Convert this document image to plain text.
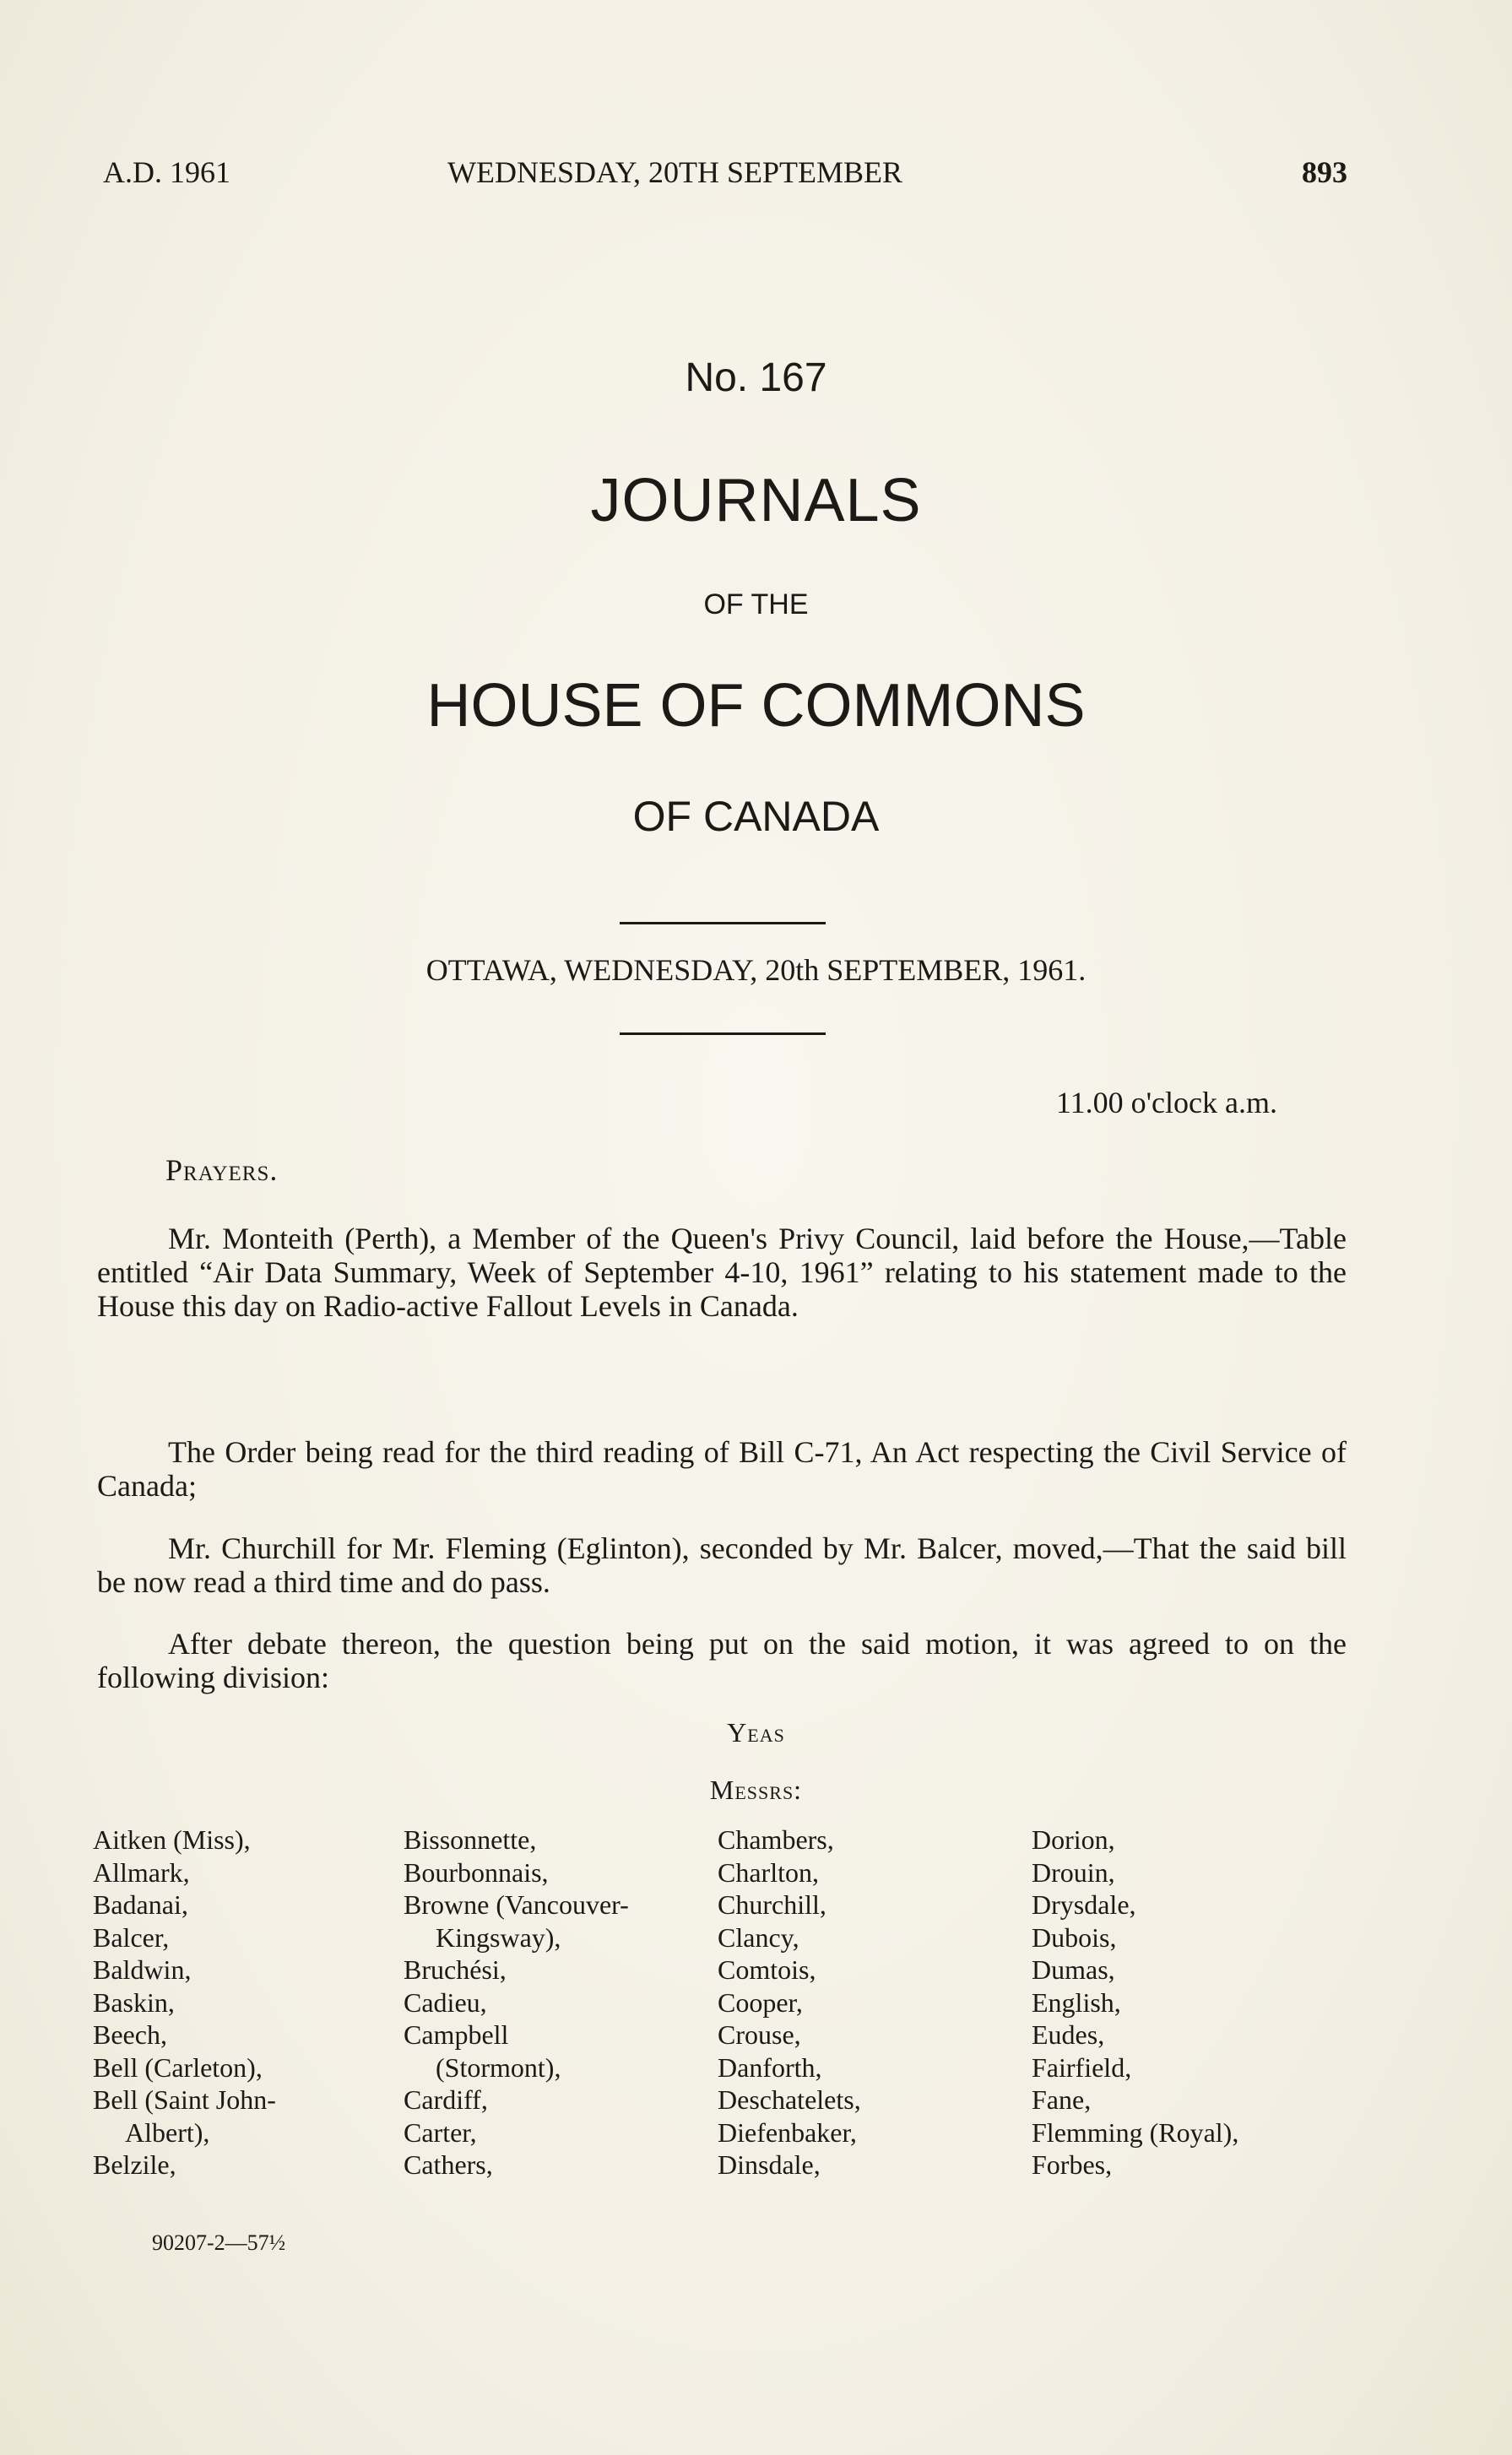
A.D. 1961	WEDNESDAY, 20TH SEPTEMBER	893
No. 167
JOURNALS
OF THE
HOUSE OF COMMONS
OF CANADA
OTTAWA, WEDNESDAY, 20th SEPTEMBER, 1961.
11.00 o'clock a.m.
Prayers.

Mr. Monteith (Perth), a Member of the Queen's Privy Council, laid before the House,—Table entitled “Air Data Summary, Week of September 4-10, 1961” relating to his statement made to the House this day on Radio-active Fallout Levels in Canada.

The Order being read for the third reading of Bill C-71, An Act respecting the Civil Service of Canada;

Mr. Churchill for Mr. Fleming (Eglinton), seconded by Mr. Balcer, moved,—That the said bill be now read a third time and do pass.

After debate thereon, the question being put on the said motion, it was agreed to on the following division:

Yeas
Messrs:
Aitken (Miss),
Allmark,
Badanai,
Balcer,
Baldwin,
Baskin,
Beech,
Bell (Carleton),
Bell (Saint John-
Albert),
Belzile,
Bissonnette,
Bourbonnais,
Browne (Vancouver-
Kingsway),
Bruchési,
Cadieu,
Campbell
(Stormont),
Cardiff,
Carter,
Cathers,
Chambers,
Charlton,
Churchill,
Clancy,
Comtois,
Cooper,
Crouse,
Danforth,
Deschatelets,
Diefenbaker,
Dinsdale,
Dorion,
Drouin,
Drysdale,
Dubois,
Dumas,
English,
Eudes,
Fairfield,
Fane,
Flemming (Royal),
Forbes,
90207-2—57½
